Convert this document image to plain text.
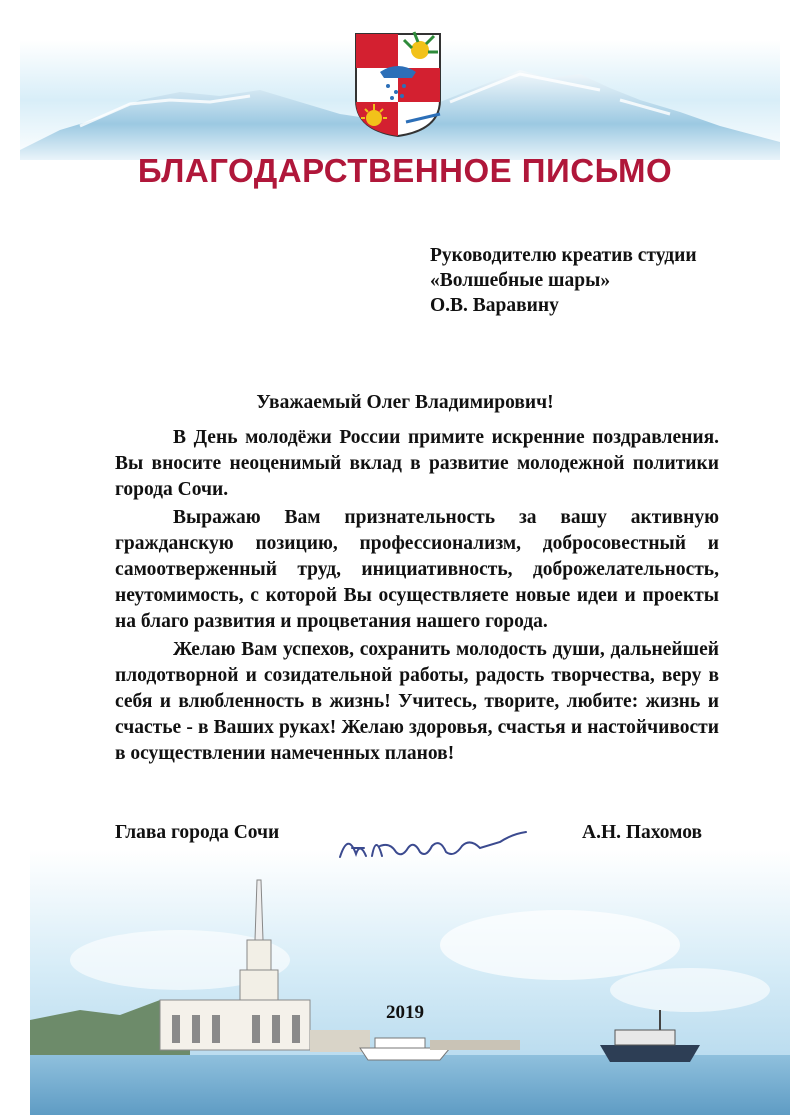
БЛАГОДАРСТВЕННОЕ ПИСЬМО
Руководителю креатив студии
«Волшебные шары»
О.В. Варавину
Уважаемый Олег Владимирович!

В День молодёжи России примите искренние поздравления. Вы вносите неоценимый вклад в развитие молодежной политики города Сочи.

Выражаю Вам признательность за вашу активную гражданскую позицию, профессионализм, добросовестный и самоотверженный труд, инициативность, доброжелательность, неутомимость, с которой Вы осуществляете новые идеи и проекты на благо развития и процветания нашего города.

Желаю Вам успехов, сохранить молодость души, дальнейшей плодотворной и созидательной работы, радость творчества, веру в себя и влюбленность в жизнь! Учитесь, творите, любите: жизнь и счастье - в Ваших руках! Желаю здоровья, счастья и настойчивости в осуществлении намеченных планов!

Глава города Сочи	А.Н. Пахомов
2019
